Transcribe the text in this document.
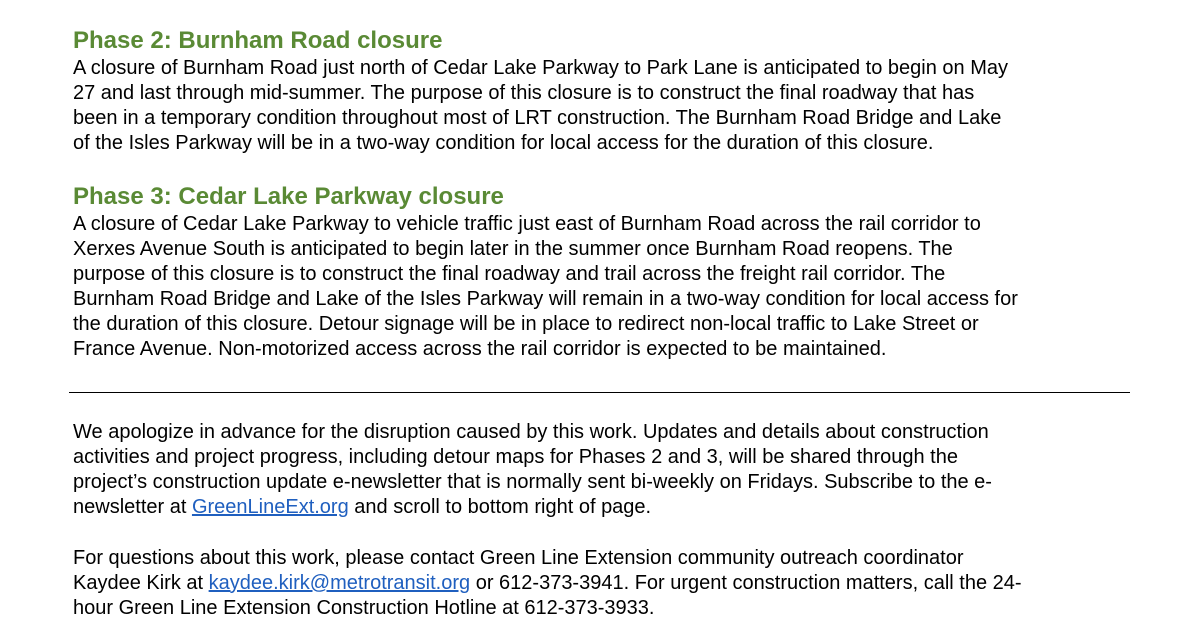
Phase 2: Burnham Road closure
A closure of Burnham Road just north of Cedar Lake Parkway to Park Lane is anticipated to begin on May
27 and last through mid-summer. The purpose of this closure is to construct the final roadway that has
been in a temporary condition throughout most of LRT construction. The Burnham Road Bridge and Lake
of the Isles Parkway will be in a two-way condition for local access for the duration of this closure.
Phase 3: Cedar Lake Parkway closure
A closure of Cedar Lake Parkway to vehicle traffic just east of Burnham Road across the rail corridor to
Xerxes Avenue South is anticipated to begin later in the summer once Burnham Road reopens. The
purpose of this closure is to construct the final roadway and trail across the freight rail corridor. The
Burnham Road Bridge and Lake of the Isles Parkway will remain in a two-way condition for local access for
the duration of this closure. Detour signage will be in place to redirect non-local traffic to Lake Street or
France Avenue. Non-motorized access across the rail corridor is expected to be maintained.
We apologize in advance for the disruption caused by this work. Updates and details about construction
activities and project progress, including detour maps for Phases 2 and 3, will be shared through the
project’s construction update e-newsletter that is normally sent bi-weekly on Fridays. Subscribe to the e-
newsletter at GreenLineExt.org and scroll to bottom right of page.
For questions about this work, please contact Green Line Extension community outreach coordinator
Kaydee Kirk at kaydee.kirk@metrotransit.org or 612-373-3941. For urgent construction matters, call the 24-
hour Green Line Extension Construction Hotline at 612-373-3933.
